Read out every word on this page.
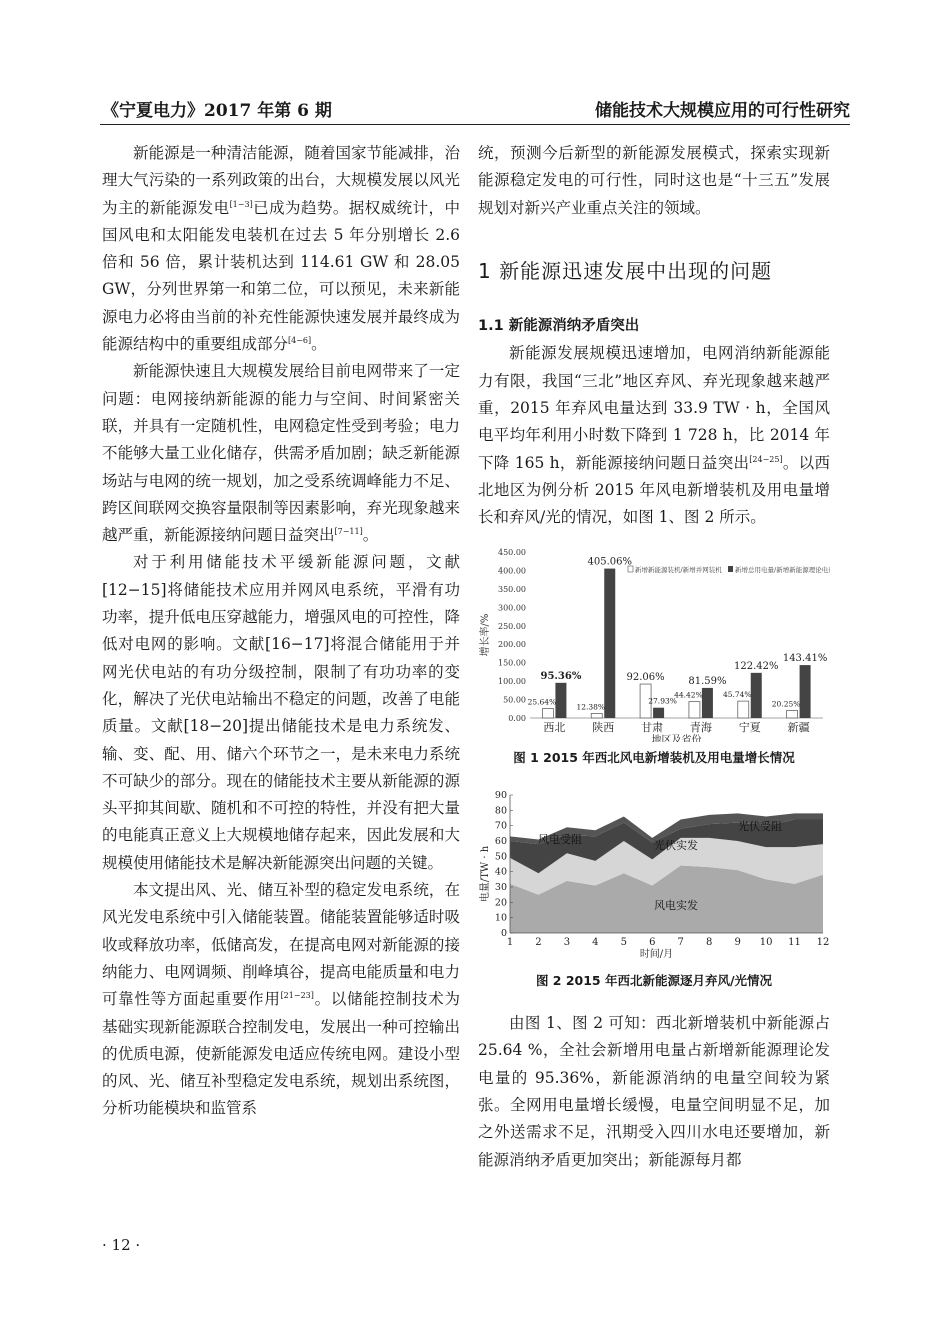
《宁夏电力》2017 年第 6 期	储能技术大规模应用的可行性研究

新能源是一种清洁能源，随着国家节能减排，治理大气污染的一系列政策的出台，大规模发展以风光为主的新能源发电[1−3]已成为趋势。据权威统计，中国风电和太阳能发电装机在过去 5 年分别增长 2.6 倍和 56 倍，累计装机达到 114.61 GW 和 28.05 GW，分列世界第一和第二位，可以预见，未来新能源电力必将由当前的补充性能源快速发展并最终成为能源结构中的重要组成部分[4−6]。

新能源快速且大规模发展给目前电网带来了一定问题：电网接纳新能源的能力与空间、时间紧密关联，并具有一定随机性，电网稳定性受到考验；电力不能够大量工业化储存，供需矛盾加剧；缺乏新能源场站与电网的统一规划，加之受系统调峰能力不足、跨区间联网交换容量限制等因素影响，弃光现象越来越严重，新能源接纳问题日益突出[7−11]。

对于利用储能技术平缓新能源问题，文献[12−15]将储能技术应用并网风电系统，平滑有功功率，提升低电压穿越能力，增强风电的可控性，降低对电网的影响。文献[16−17]将混合储能用于并网光伏电站的有功分级控制，限制了有功功率的变化，解决了光伏电站输出不稳定的问题，改善了电能质量。文献[18−20]提出储能技术是电力系统发、输、变、配、用、储六个环节之一，是未来电力系统不可缺少的部分。现在的储能技术主要从新能源的源头平抑其间歇、随机和不可控的特性，并没有把大量的电能真正意义上大规模地储存起来，因此发展和大规模使用储能技术是解决新能源突出问题的关键。

本文提出风、光、储互补型的稳定发电系统，在风光发电系统中引入储能装置。储能装置能够适时吸收或释放功率，低储高发，在提高电网对新能源的接纳能力、电网调频、削峰填谷，提高电能质量和电力可靠性等方面起重要作用[21−23]。以储能控制技术为基础实现新能源联合控制发电，发展出一种可控输出的优质电源，使新能源发电适应传统电网。建设小型的风、光、储互补型稳定发电系统，规划出系统图，分析功能模块和监管系

统，预测今后新型的新能源发展模式，探索实现新能源稳定发电的可行性，同时这也是“十三五”发展规划对新兴产业重点关注的领域。

1 新能源迅速发展中出现的问题
1.1 新能源消纳矛盾突出

新能源发展规模迅速增加，电网消纳新能源能力有限，我国“三北”地区弃风、弃光现象越来越严重，2015 年弃风电量达到 33.9 TW · h，全国风电平均年利用小时数下降到 1 728 h，比 2014 年下降 165 h，新能源接纳问题日益突出[24−25]。以西北地区为例分析 2015 年风电新增装机及用电量增长和弃风/光的情况，如图 1、图 2 所示。

0.00
50.00
100.00
150.00
200.00
250.00
300.00
350.00
400.00
450.00
增长率/%
新增新能源装机/新增并网装机 新增总用电量/新增新能源理论电量
25.64%
95.36%
西北
12.38%
405.06%
陕西
92.06%
27.93%
甘肃
44.42%
81.59%
青海
45.74%
122.42%
宁夏
20.25%
143.41%
新疆
地区及省份
图 1 2015 年西北风电新增装机及用电量增长情况
0
10
20
30
40
50
60
70
80
90
1 2 3 4 5 6 7 8 9 10 11 12
电量/TW · h
时间/月
风电受阻	光伏实发
光伏受阻
风电实发
图 2 2015 年西北新能源逐月弃风/光情况

由图 1、图 2 可知：西北新增装机中新能源占 25.64 %，全社会新增用电量占新增新能源理论发电量的 95.36%，新能源消纳的电量空间较为紧张。全网用电量增长缓慢，电量空间明显不足，加之外送需求不足，汛期受入四川水电还要增加，新能源消纳矛盾更加突出；新能源每月都

· 12 ·
